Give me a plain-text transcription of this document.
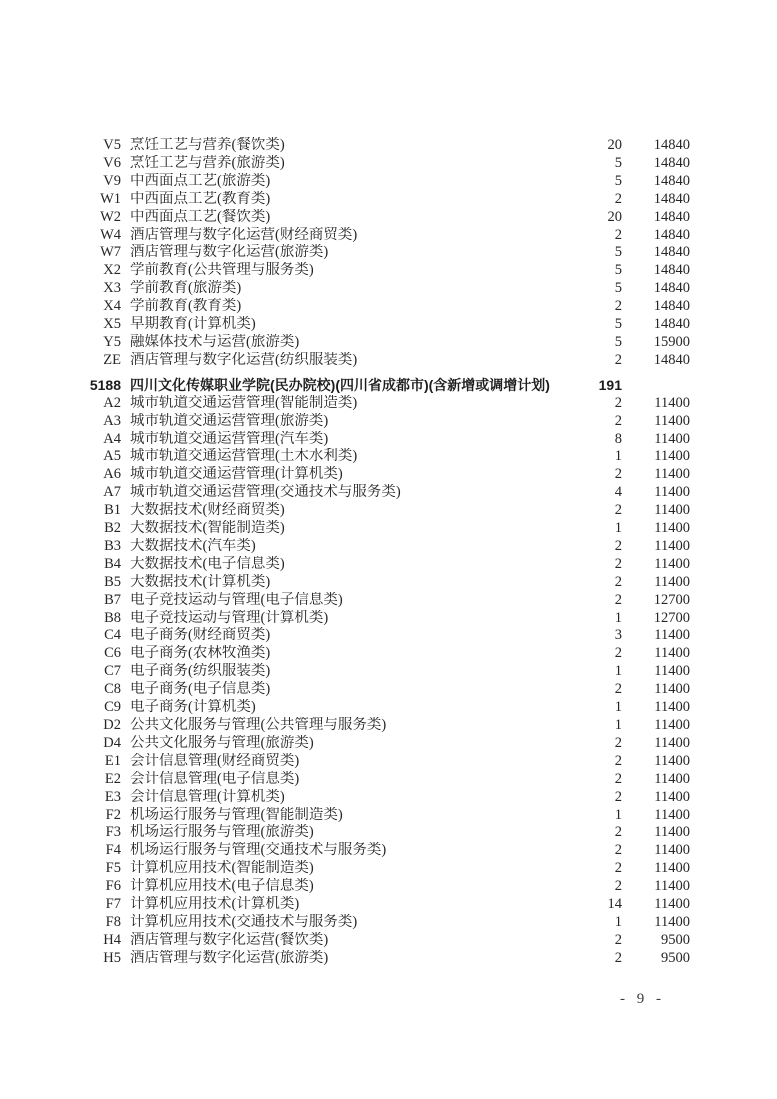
V5 烹饪工艺与营养(餐饮类)	20	14840
V6 烹饪工艺与营养(旅游类)	5	14840
V9 中西面点工艺(旅游类)	5	14840
W1 中西面点工艺(教育类)	2	14840
W2 中西面点工艺(餐饮类)	20	14840
W4 酒店管理与数字化运营(财经商贸类)	2	14840
W7 酒店管理与数字化运营(旅游类)	5	14840
X2 学前教育(公共管理与服务类)	5	14840
X3 学前教育(旅游类)	5	14840
X4 学前教育(教育类)	2	14840
X5 早期教育(计算机类)	5	14840
Y5 融媒体技术与运营(旅游类)	5	15900
ZE 酒店管理与数字化运营(纺织服装类)	2	14840
5188 四川文化传媒职业学院(民办院校)(四川省成都市)(含新增或调增计划)	191
A2 城市轨道交通运营管理(智能制造类)	2	11400
A3 城市轨道交通运营管理(旅游类)	2	11400
A4 城市轨道交通运营管理(汽车类)	8	11400
A5 城市轨道交通运营管理(土木水利类)	1	11400
A6 城市轨道交通运营管理(计算机类)	2	11400
A7 城市轨道交通运营管理(交通技术与服务类)	4	11400
B1 大数据技术(财经商贸类)	2	11400
B2 大数据技术(智能制造类)	1	11400
B3 大数据技术(汽车类)	2	11400
B4 大数据技术(电子信息类)	2	11400
B5 大数据技术(计算机类)	2	11400
B7 电子竞技运动与管理(电子信息类)	2	12700
B8 电子竞技运动与管理(计算机类)	1	12700
C4 电子商务(财经商贸类)	3	11400
C6 电子商务(农林牧渔类)	2	11400
C7 电子商务(纺织服装类)	1	11400
C8 电子商务(电子信息类)	2	11400
C9 电子商务(计算机类)	1	11400
D2 公共文化服务与管理(公共管理与服务类)	1	11400
D4 公共文化服务与管理(旅游类)	2	11400
E1 会计信息管理(财经商贸类)	2	11400
E2 会计信息管理(电子信息类)	2	11400
E3 会计信息管理(计算机类)	2	11400
F2 机场运行服务与管理(智能制造类)	1	11400
F3 机场运行服务与管理(旅游类)	2	11400
F4 机场运行服务与管理(交通技术与服务类)	2	11400
F5 计算机应用技术(智能制造类)	2	11400
F6 计算机应用技术(电子信息类)	2	11400
F7 计算机应用技术(计算机类)	14	11400
F8 计算机应用技术(交通技术与服务类)	1	11400
H4 酒店管理与数字化运营(餐饮类)	2	9500
H5 酒店管理与数字化运营(旅游类)	2	9500
- 9 -
